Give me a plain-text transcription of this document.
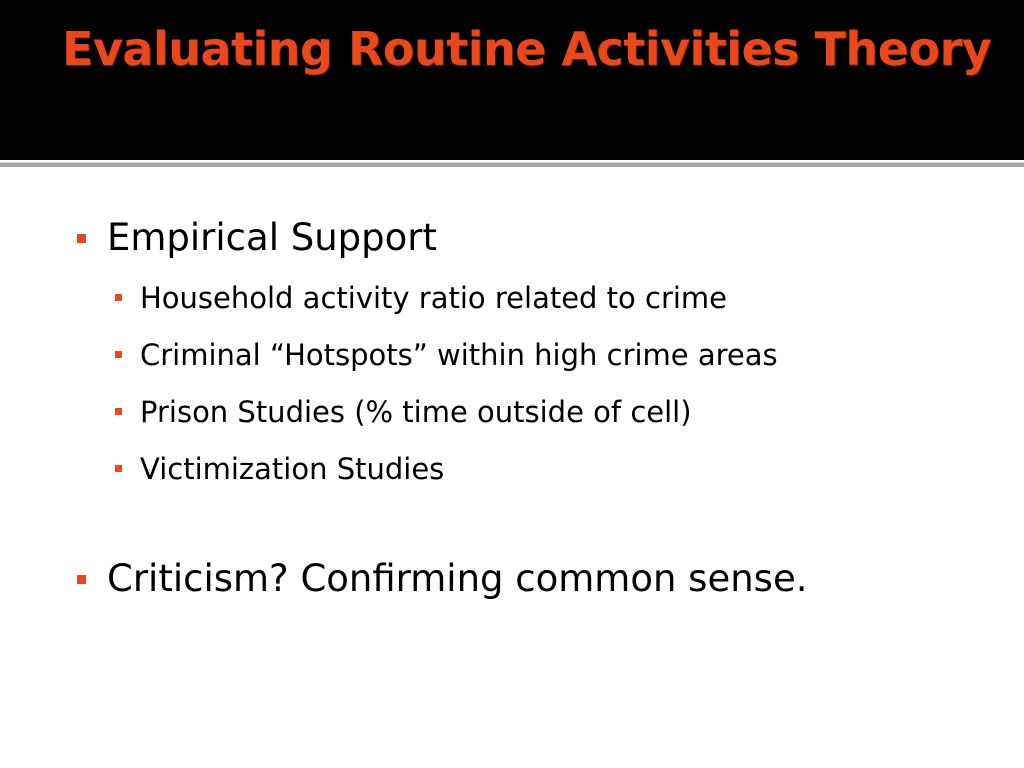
Evaluating Routine Activities Theory
Empirical Support
Household activity ratio related to crime
Criminal “Hotspots” within high crime areas
Prison Studies (% time outside of cell)
Victimization Studies
Criticism? Confirming common sense.
